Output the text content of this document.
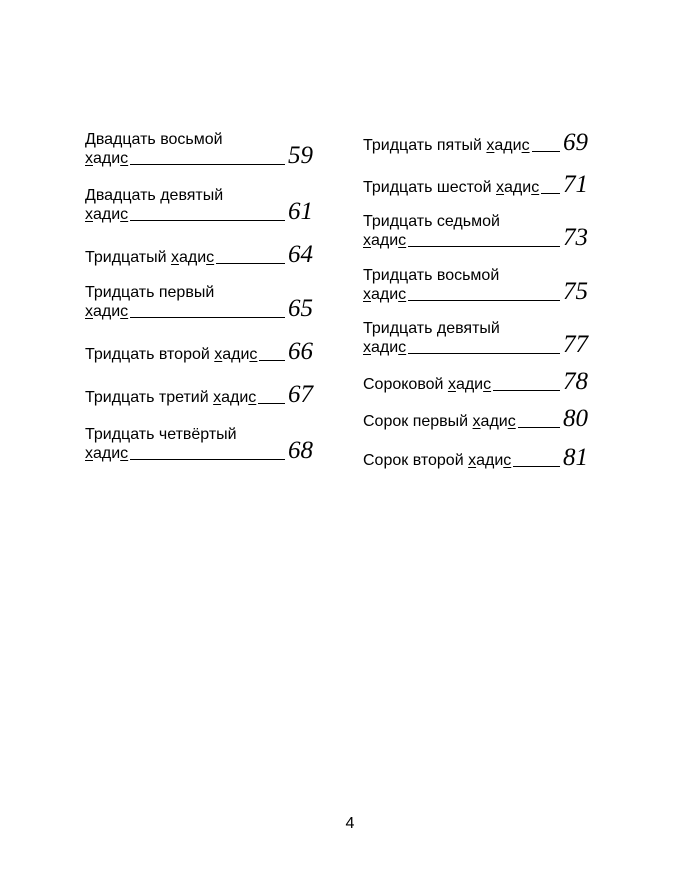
Двадцать восьмой
х ади с	59
Двадцать девятый
х ади с	61
Тридцатый х ади с	64
Тридцать первый
х ади с	65
Тридцать второй х ади с 66
Тридцать третий х ади с 67
Тридцать четвёртый
х ади с	68
Тридцать пятый х ади с 69
Тридцать шестой х ади с 71
Тридцать седьмой
х ади с	73
Тридцать восьмой
х ади с	75
Тридцать девятый
х ади с	77
Сороковой х ади с	78
Сорок первый х ади с 80
Сорок второй х ади с 81
4
